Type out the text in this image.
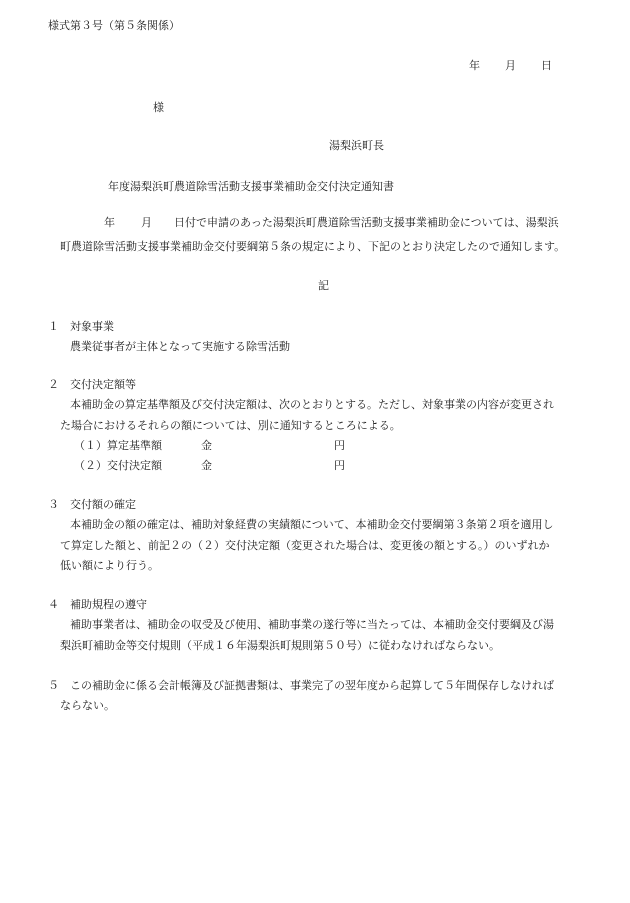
様式第３号（第５条関係）
年 月 日
様
湯梨浜町長
年度湯梨浜町農道除雪活動支援事業補助金交付決定通知書
年 月 日付で申請のあった湯梨浜町農道除雪活動支援事業補助金については、湯梨浜
町農道除雪活動支援事業補助金交付要綱第５条の規定により、下記のとおり決定したので通知します。
記
１　対象事業
農業従事者が主体となって実施する除雪活動
２　交付決定額等
本補助金の算定基準額及び交付決定額は、次のとおりとする。ただし、対象事業の内容が変更され
た場合におけるそれらの額については、別に通知するところによる。
（１）算定基準額	金	円
（２）交付決定額	金	円
３　交付額の確定
本補助金の額の確定は、補助対象経費の実績額について、本補助金交付要綱第３条第２項を適用し
て算定した額と、前記２の（２）交付決定額（変更された場合は、変更後の額とする。）のいずれか
低い額により行う。
４　補助規程の遵守
補助事業者は、補助金の収受及び使用、補助事業の遂行等に当たっては、本補助金交付要綱及び湯
梨浜町補助金等交付規則（平成１６年湯梨浜町規則第５０号）に従わなければならない。
５　この補助金に係る会計帳簿及び証拠書類は、事業完了の翌年度から起算して５年間保存しなければ
ならない。
